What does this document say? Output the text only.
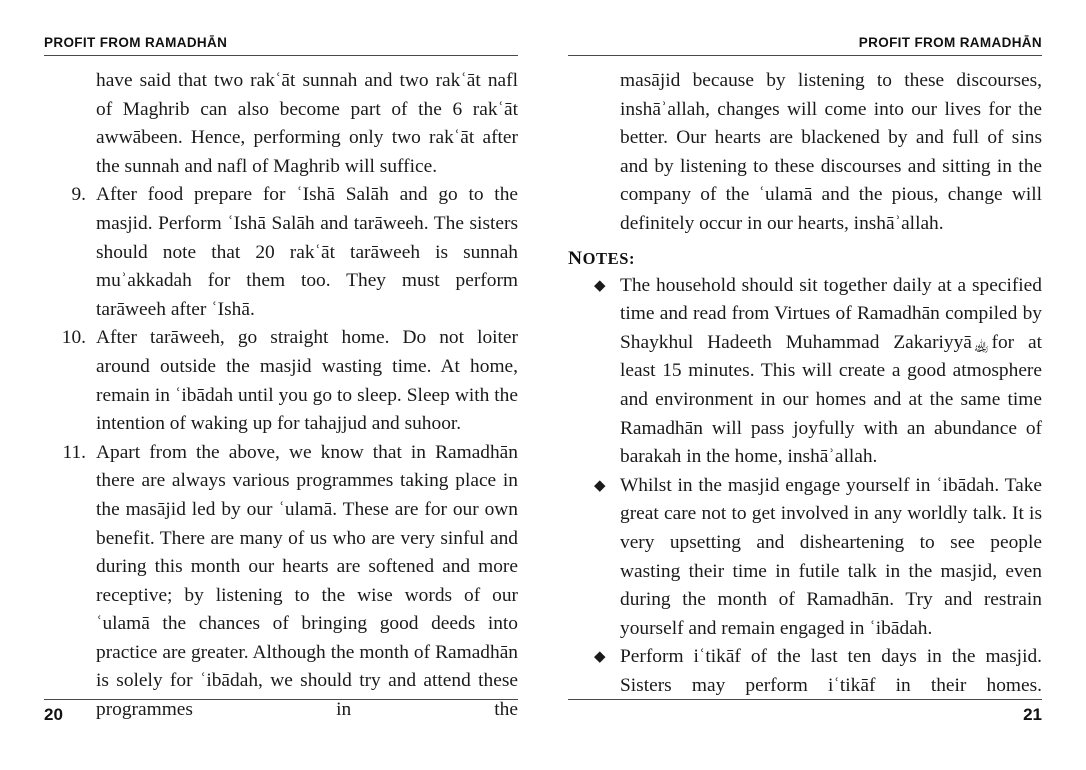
PROFIT FROM RAMADHĀN

have said that two rakʿāt sunnah and two rakʿāt nafl of Maghrib can also become part of the 6 rakʿāt awwābeen. Hence, performing only two rakʿāt after the sunnah and nafl of Maghrib will suffice.

9. After food prepare for ʿIshā Salāh and go to the masjid. Perform ʿIshā Salāh and tarāweeh. The sisters should note that 20 rakʿāt tarāweeh is sunnah muʾakkadah for them too. They must perform tarāweeh after ʿIshā.
10. After tarāweeh, go straight home. Do not loiter around outside the masjid wasting time. At home, remain in ʿibādah until you go to sleep. Sleep with the intention of waking up for tahajjud and suhoor.
11. Apart from the above, we know that in Ramadhān there are always various programmes taking place in the masājid led by our ʿulamā. These are for our own benefit. There are many of us who are very sinful and during this month our hearts are softened and more receptive; by listening to the wise words of our ʿulamā the chances of bringing good deeds into practice are greater. Although the month of Ramadhān is solely for ʿibādah, we should try and attend these programmes in the
20
PROFIT FROM RAMADHĀN

masājid because by listening to these discourses, inshāʾallah, changes will come into our lives for the better. Our hearts are blackened by and full of sins and by listening to these discourses and sitting in the company of the ʿulamā and the pious, change will definitely occur in our hearts, inshāʾallah.

NOTES:
◆ The household should sit together daily at a specified time and read from Virtues of Ramadhān compiled by Shaykhul Hadeeth Muhammad Zakariyyā ﵀ for at least 15 minutes. This will create a good atmosphere and environment in our homes and at the same time Ramadhān will pass joyfully with an abundance of barakah in the home, inshāʾallah.
◆ Whilst in the masjid engage yourself in ʿibādah. Take great care not to get involved in any worldly talk. It is very upsetting and disheartening to see people wasting their time in futile talk in the masjid, even during the month of Ramadhān. Try and restrain yourself and remain engaged in ʿibādah.
◆ Perform iʿtikāf of the last ten days in the masjid. Sisters may perform iʿtikāf in their homes.
21
